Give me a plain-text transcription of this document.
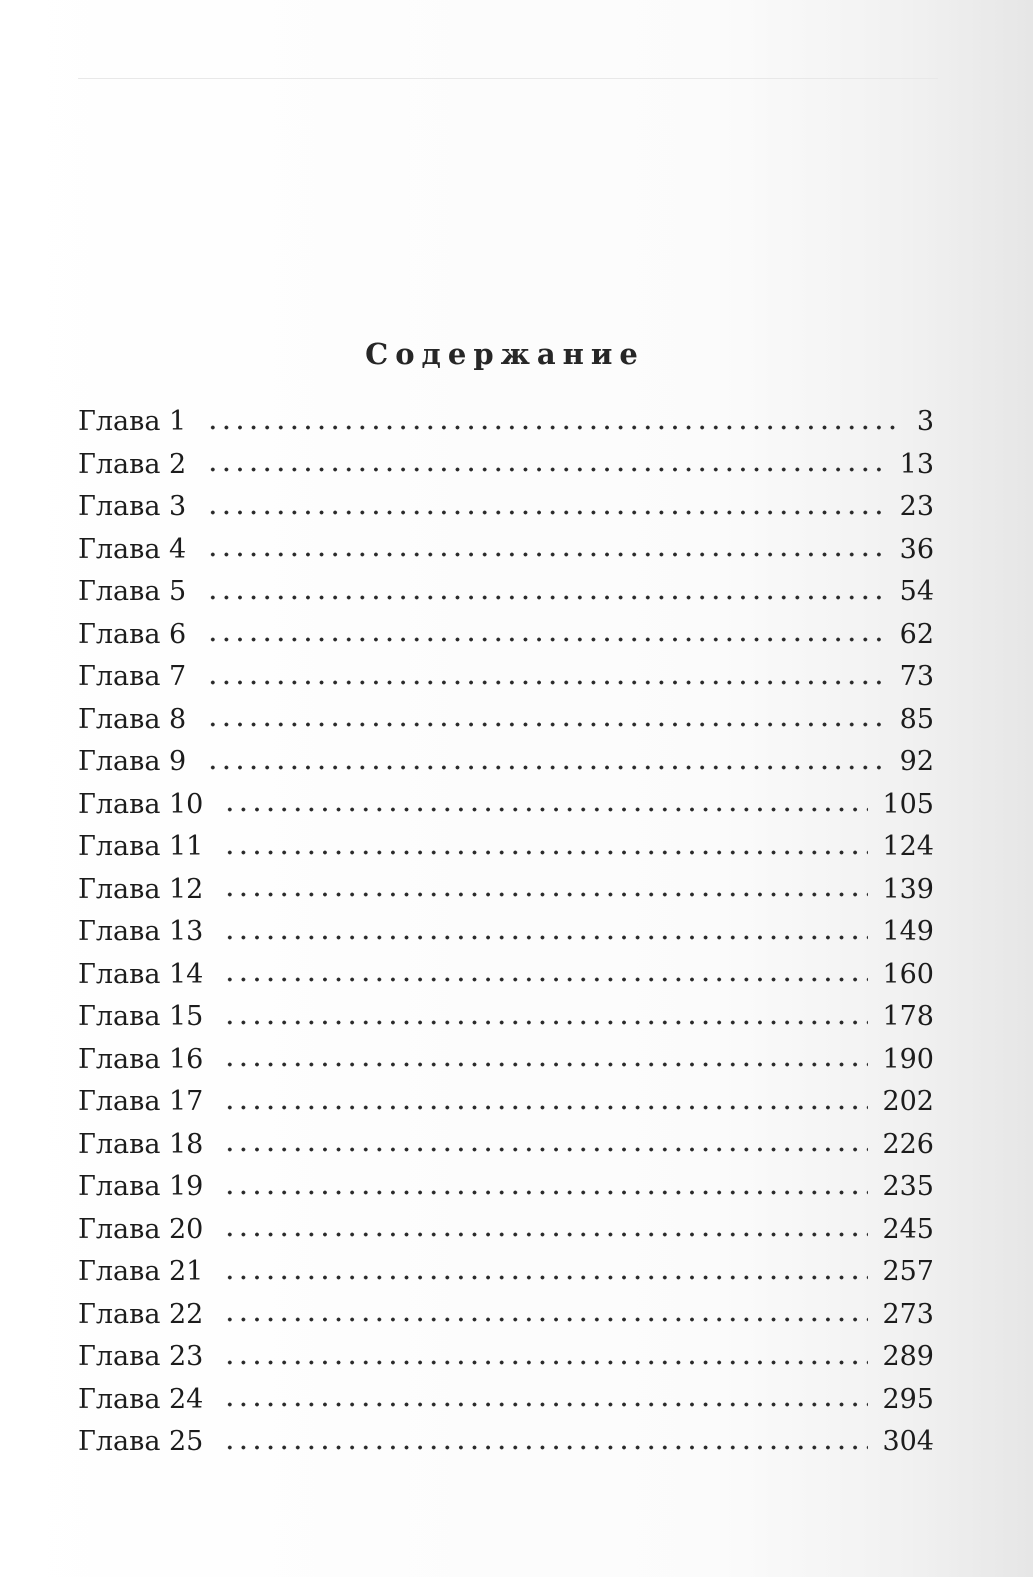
Содержание
Глава 1	3
Глава 2	13
Глава 3	23
Глава 4	36
Глава 5	54
Глава 6	62
Глава 7	73
Глава 8	85
Глава 9	92
Глава 10	105
Глава 11	124
Глава 12	139
Глава 13	149
Глава 14	160
Глава 15	178
Глава 16	190
Глава 17	202
Глава 18	226
Глава 19	235
Глава 20	245
Глава 21	257
Глава 22	273
Глава 23	289
Глава 24	295
Глава 25	304
